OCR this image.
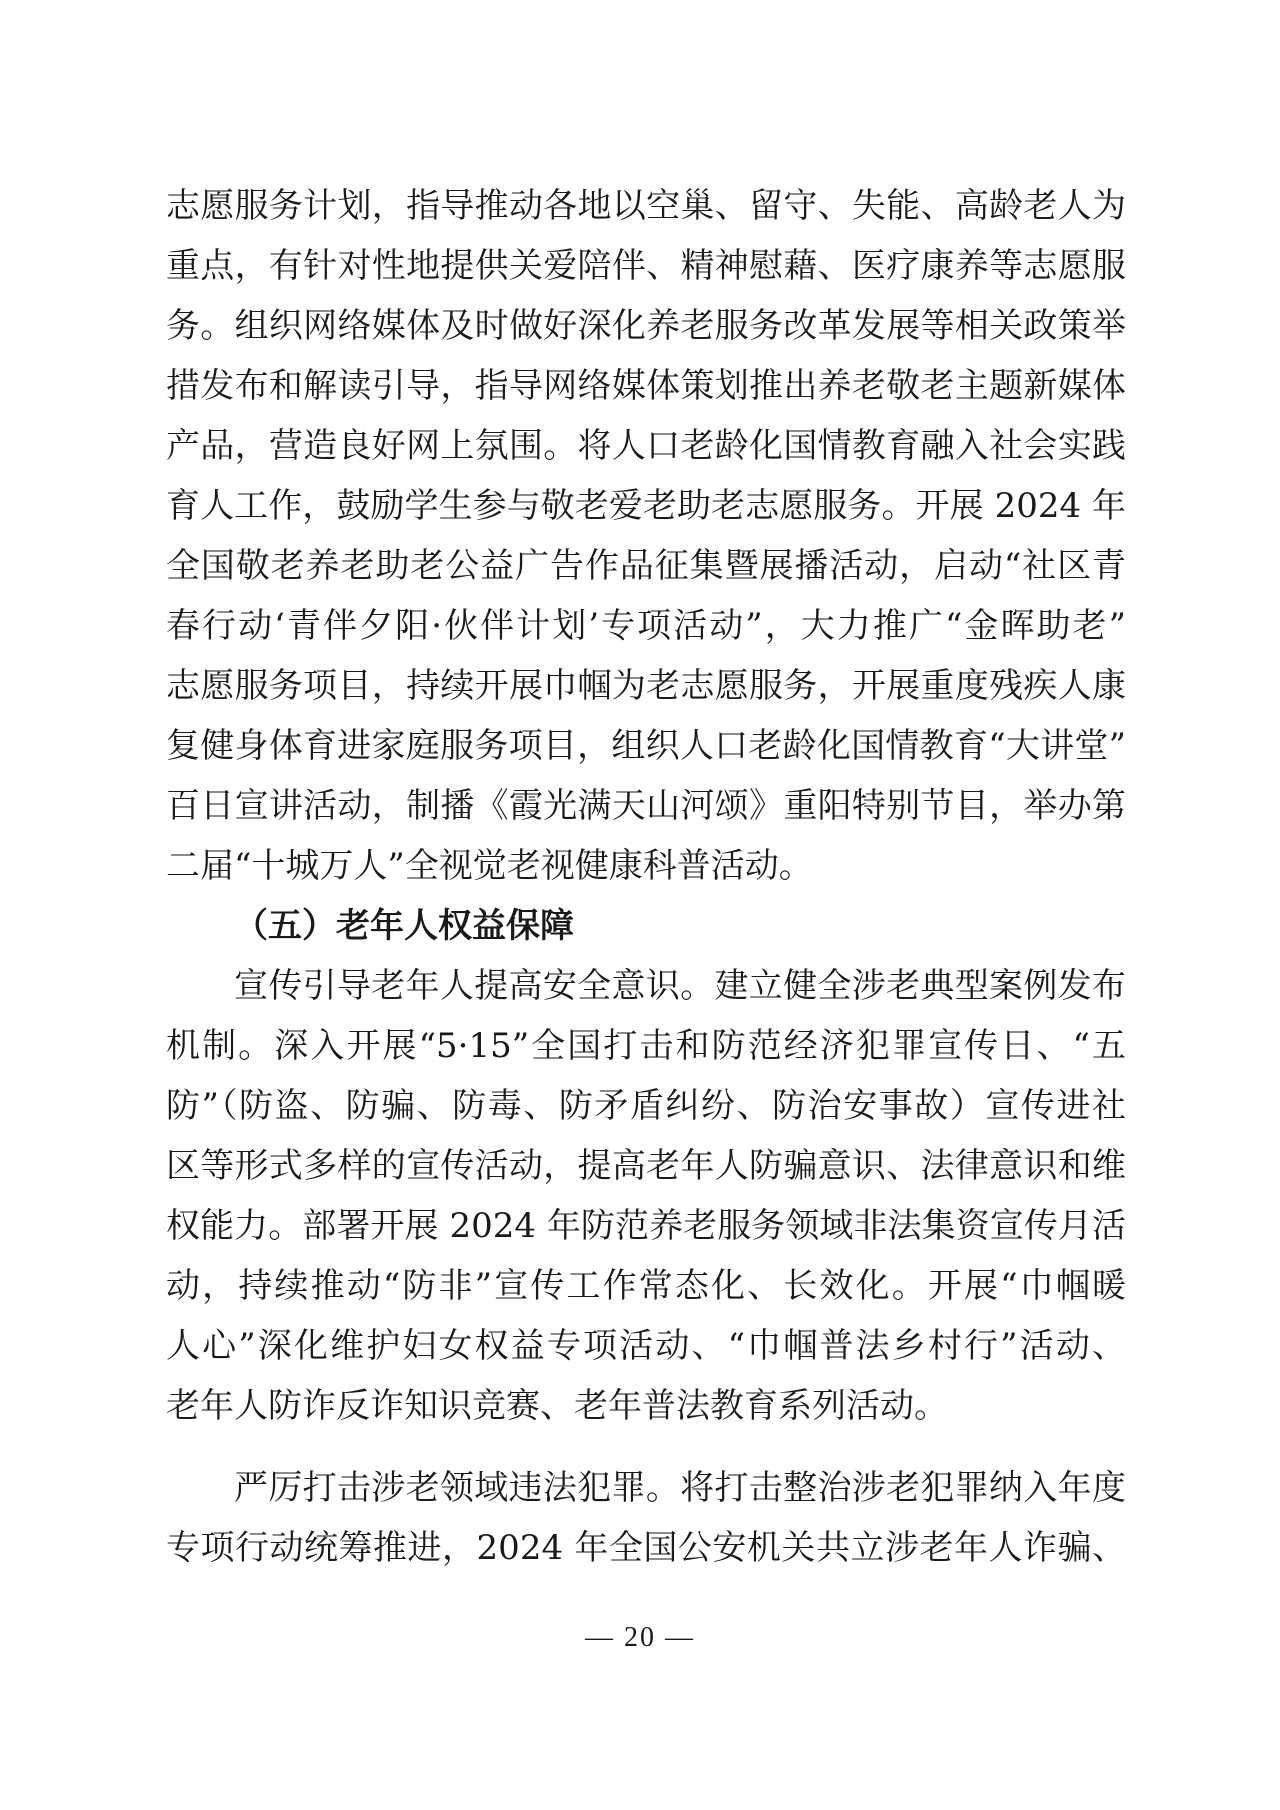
志愿服务计划，指导推动各地以空巢、留守、失能、高龄老人为
重点，有针对性地提供关爱陪伴、精神慰藉、医疗康养等志愿服
务。组织网络媒体及时做好深化养老服务改革发展等相关政策举
措发布和解读引导，指导网络媒体策划推出养老敬老主题新媒体
产品，营造良好网上氛围。将人口老龄化国情教育融入社会实践
育人工作，鼓励学生参与敬老爱老助老志愿服务。开展 2024 年
全国敬老养老助老公益广告作品征集暨展播活动，启动“社区青
春行动‘青伴夕阳·伙伴计划’专项活动”，大力推广“金晖助老”
志愿服务项目，持续开展巾帼为老志愿服务，开展重度残疾人康
复健身体育进家庭服务项目，组织人口老龄化国情教育“大讲堂”
百日宣讲活动，制播《霞光满天山河颂》重阳特别节目，举办第
二届“十城万人”全视觉老视健康科普活动。
（五）老年人权益保障
宣传引导老年人提高安全意识。建立健全涉老典型案例发布
机制。深入开展“5·15”全国打击和防范经济犯罪宣传日、“五
防”（防盗、防骗、防毒、防矛盾纠纷、防治安事故）宣传进社
区等形式多样的宣传活动，提高老年人防骗意识、法律意识和维
权能力。部署开展 2024 年防范养老服务领域非法集资宣传月活
动，持续推动“防非”宣传工作常态化、长效化。开展“巾帼暖
人心”深化维护妇女权益专项活动、“巾帼普法乡村行”活动、
老年人防诈反诈知识竞赛、老年普法教育系列活动。
严厉打击涉老领域违法犯罪。将打击整治涉老犯罪纳入年度
专项行动统筹推进，2024 年全国公安机关共立涉老年人诈骗、
— 20 —
